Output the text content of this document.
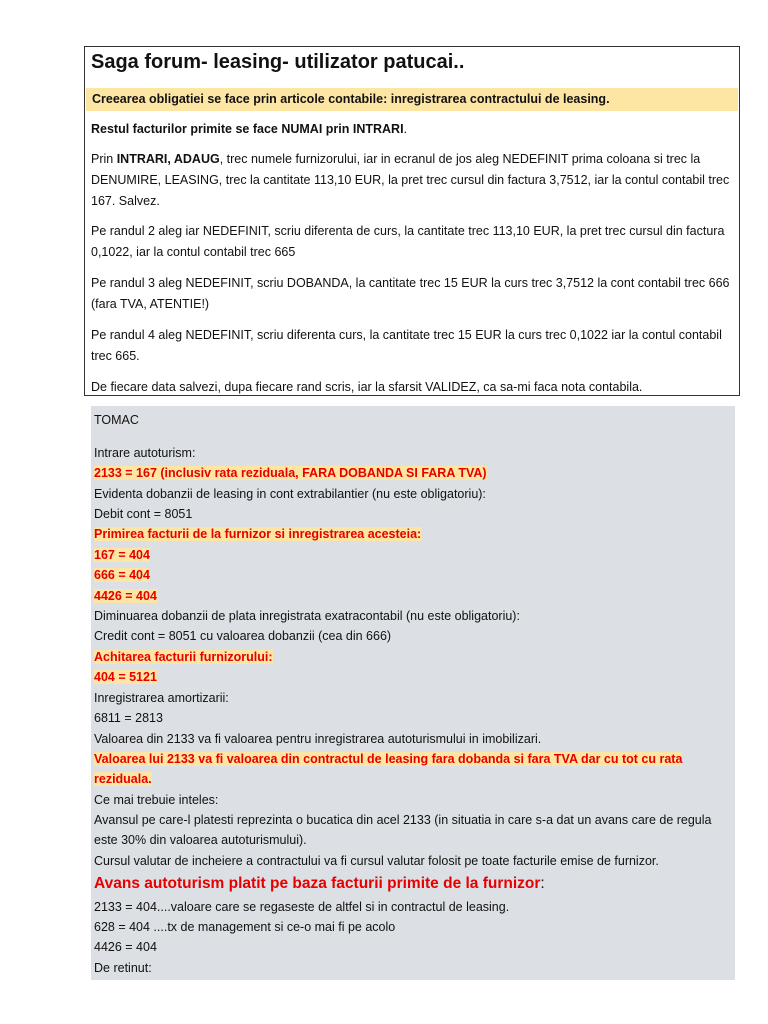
Saga forum- leasing- utilizator patucai..
Creearea obligatiei se face prin articole contabile: inregistrarea contractului de leasing.

Restul facturilor primite se face NUMAI prin INTRARI.

Prin INTRARI, ADAUG, trec numele furnizorului, iar in ecranul de jos aleg NEDEFINIT prima coloana si trec la DENUMIRE, LEASING, trec la cantitate 113,10 EUR, la pret trec cursul din factura 3,7512, iar la contul contabil trec 167. Salvez.

Pe randul 2 aleg iar NEDEFINIT, scriu diferenta de curs, la cantitate trec 113,10 EUR, la pret trec cursul din factura 0,1022, iar la contul contabil trec 665

Pe randul 3 aleg NEDEFINIT, scriu DOBANDA, la cantitate trec 15 EUR la curs trec 3,7512 la cont contabil trec 666 (fara TVA, ATENTIE!)

Pe randul 4 aleg NEDEFINIT, scriu diferenta curs, la cantitate trec 15 EUR la curs trec 0,1022 iar la contul contabil trec 665.

De fiecare data salvezi, dupa fiecare rand scris, iar la sfarsit VALIDEZ, ca sa-mi faca nota contabila.

TOMAC

Intrare autoturism:

2133 = 167 (inclusiv rata reziduala, FARA DOBANDA SI FARA TVA)

Evidenta dobanzii de leasing in cont extrabilantier (nu este obligatoriu):

Debit cont = 8051

Primirea facturii de la furnizor si inregistrarea acesteia:

167 = 404

666 = 404

4426 = 404

Diminuarea dobanzii de plata inregistrata exatracontabil (nu este obligatoriu):

Credit cont = 8051 cu valoarea dobanzii (cea din 666)

Achitarea facturii furnizorului:

404 = 5121

Inregistrarea amortizarii:

6811 = 2813

Valoarea din 2133 va fi valoarea pentru inregistrarea autoturismului in imobilizari.

Valoarea lui 2133 va fi valoarea din contractul de leasing fara dobanda si fara TVA dar cu tot cu rata

reziduala.

Ce mai trebuie inteles:

Avansul pe care-l platesti reprezinta o bucatica din acel 2133 (in situatia in care s-a dat un avans care de regula este 30% din valoarea autoturismului).

Cursul valutar de incheiere a contractului va fi cursul valutar folosit pe toate facturile emise de furnizor.

Avans autoturism platit pe baza facturii primite de la furnizor:

2133 = 404....valoare care se regaseste de altfel si in contractul de leasing.

628 = 404 ....tx de management si ce-o mai fi pe acolo

4426 = 404

De retinut:
